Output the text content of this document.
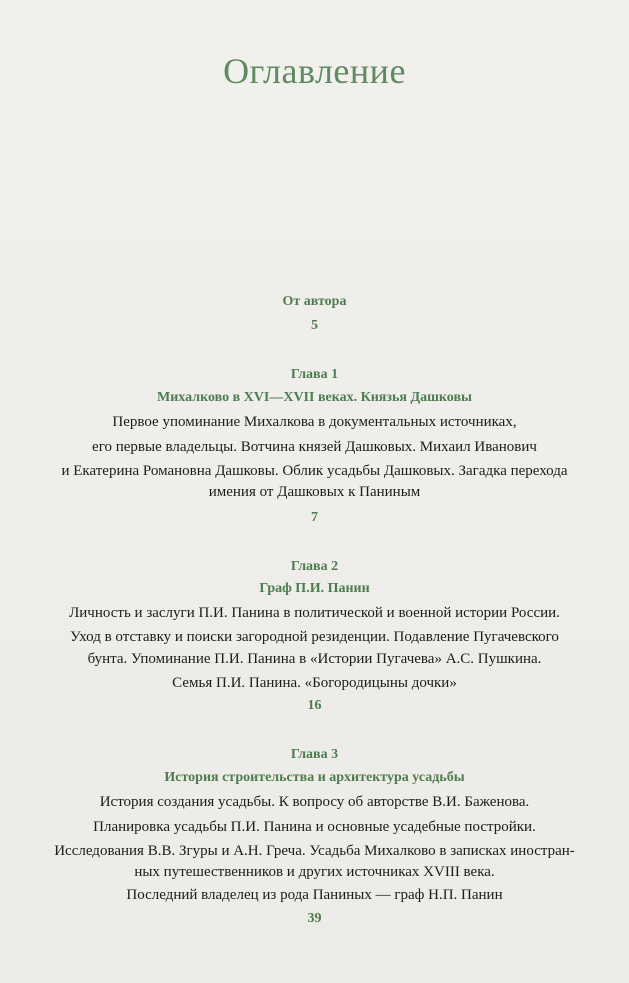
Оглавление
От автора
5
Глава 1
Михалково в XVI—XVII веках. Князья Дашковы
Первое упоминание Михалкова в документальных источниках,
его первые владельцы. Вотчина князей Дашковых. Михаил Иванович
и Екатерина Романовна Дашковы. Облик усадьбы Дашковых. Загадка перехода
имения от Дашковых к Паниным
7
Глава 2
Граф П.И. Панин
Личность и заслуги П.И. Панина в политической и военной истории России.
Уход в отставку и поиски загородной резиденции. Подавление Пугачевского
бунта. Упоминание П.И. Панина в «Истории Пугачева» А.С. Пушкина.
Семья П.И. Панина. «Богородицыны дочки»
16
Глава 3
История строительства и архитектура усадьбы
История создания усадьбы. К вопросу об авторстве В.И. Баженова.
Планировка усадьбы П.И. Панина и основные усадебные постройки.
Исследования В.В. Згуры и А.Н. Греча. Усадьба Михалково в записках иностран-
ных путешественников и других источниках XVIII века.
Последний владелец из рода Паниных — граф Н.П. Панин
39
